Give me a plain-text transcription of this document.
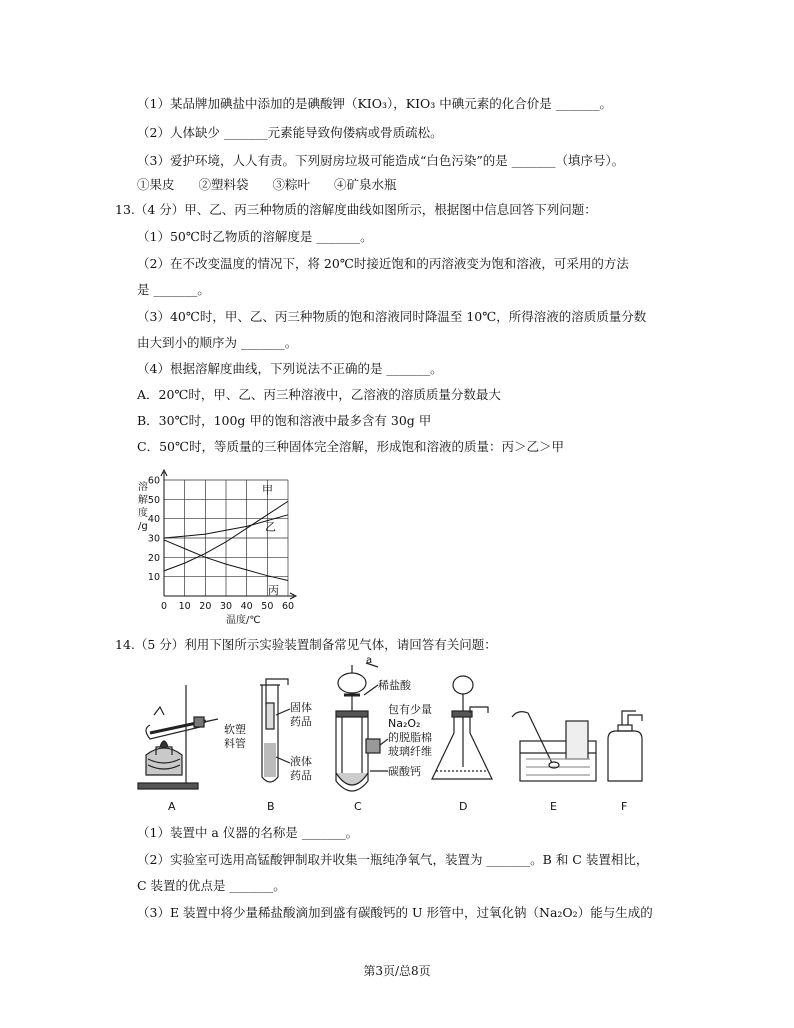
（1）某品牌加碘盐中添加的是碘酸钾（KIO₃），KIO₃ 中碘元素的化合价是 _______。
（2）人体缺少 _______元素能导致佝偻病或骨质疏松。
（3）爱护环境，人人有责。下列厨房垃圾可能造成“白色污染”的是 _______（填序号）。
①果皮 ②塑料袋 ③粽叶 ④矿泉水瓶
13.（4 分）甲、乙、丙三种物质的溶解度曲线如图所示，根据图中信息回答下列问题：
（1）50℃时乙物质的溶解度是 _______。
（2）在不改变温度的情况下，将 20℃时接近饱和的丙溶液变为饱和溶液，可采用的方法
是 _______。
（3）40℃时，甲、乙、丙三种物质的饱和溶液同时降温至 10℃，所得溶液的溶质质量分数
由大到小的顺序为 _______。
（4）根据溶解度曲线，下列说法不正确的是 _______。
A．20℃时，甲、乙、丙三种溶液中，乙溶液的溶质质量分数最大
B．30℃时，100g 甲的饱和溶液中最多含有 30g 甲
C．50℃时，等质量的三种固体完全溶解，形成饱和溶液的质量：丙＞乙＞甲
0 10 20 30 40 50 60
10
20
30
40
50
60
甲
乙
丙
溶
解
度
/g
温度/℃
14.（5 分）利用下图所示实验装置制备常见气体，请回答有关问题：
软塑
料管
固体
药品
液体
药品
a
稀盐酸
包有少量
Na₂O₂
的脱脂棉
玻璃纤维
碳酸钙
A	B	C	D	E	F
（1）装置中 a 仪器的名称是 _______。
（2）实验室可选用高锰酸钾制取并收集一瓶纯净氧气，装置为 _______。B 和 C 装置相比，
C 装置的优点是 _______。
（3）E 装置中将少量稀盐酸滴加到盛有碳酸钙的 U 形管中，过氧化钠（Na₂O₂）能与生成的
第3页/总8页
